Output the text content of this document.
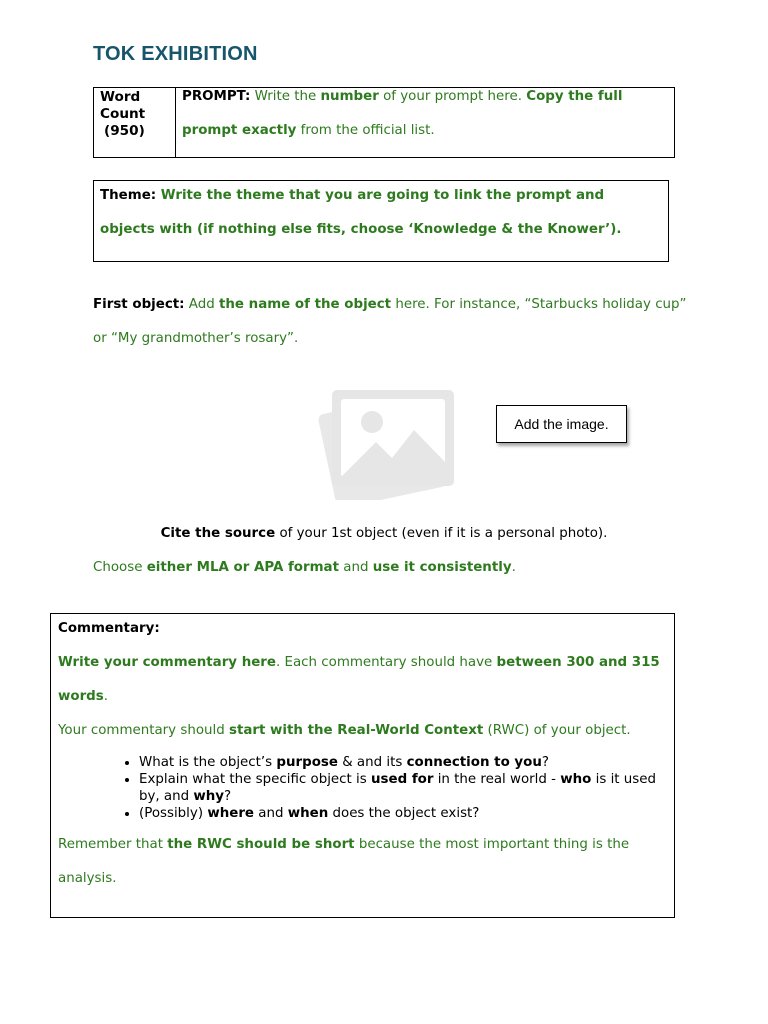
TOK EXHIBITION
Word
Count
(950)
PROMPT: Write the number of your prompt here. Copy the full prompt exactly from the official list.
Theme: Write the theme that you are going to link the prompt and objects with (if nothing else fits, choose ‘Knowledge & the Knower’).
First object: Add the name of the object here. For instance, “Starbucks holiday cup” or “My grandmother’s rosary”.
Add the image.
Cite the source of your 1st object (even if it is a personal photo).
Choose either MLA or APA format and use it consistently.
Commentary:
Write your commentary here. Each commentary should have between 300 and 315 words.
Your commentary should start with the Real-World Context (RWC) of your object.
• What is the object’s purpose & and its connection to you?
• Explain what the specific object is used for in the real world - who is it used by, and why?
• (Possibly) where and when does the object exist?
Remember that the RWC should be short because the most important thing is the analysis.
